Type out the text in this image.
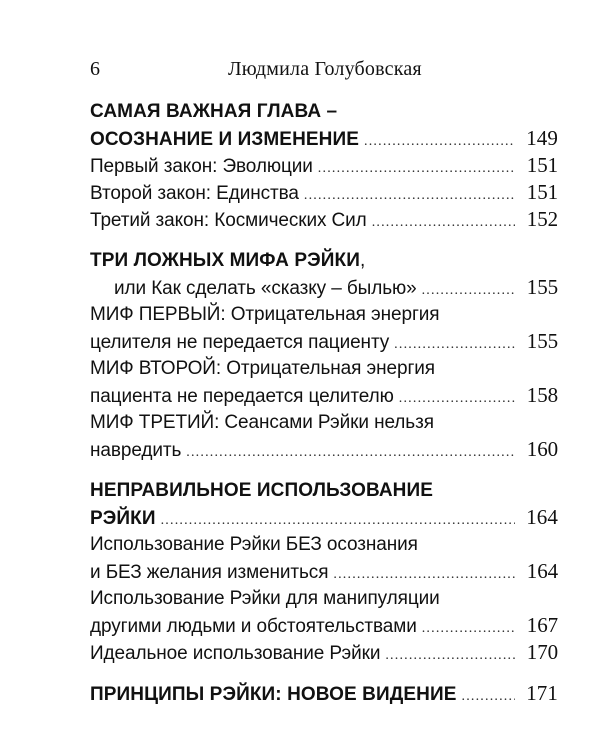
6	Людмила Голубовская
САМАЯ ВАЖНАЯ ГЛАВА –
ОСОЗНАНИЕ И ИЗМЕНЕНИЕ .....	149
Первый закон: Эволюции .....	151
Второй закон: Единства .....	151
Третий закон: Космических Сил .....	152
ТРИ ЛОЖНЫХ МИФА РЭЙКИ,
или Как сделать «сказку – былью» .....	155
МИФ ПЕРВЫЙ: Отрицательная энергия
целителя не передается пациенту .....	155
МИФ ВТОРОЙ: Отрицательная энергия
пациента не передается целителю .....	158
МИФ ТРЕТИЙ: Сеансами Рэйки нельзя
навредить .....	160
НЕПРАВИЛЬНОЕ ИСПОЛЬЗОВАНИЕ
РЭЙКИ .....	164
Использование Рэйки БЕЗ осознания
и БЕЗ желания измениться .....	164
Использование Рэйки для манипуляции
другими людьми и обстоятельствами .....	167
Идеальное использование Рэйки .....	170
ПРИНЦИПЫ РЭЙКИ: НОВОЕ ВИДЕНИЕ .....	171
